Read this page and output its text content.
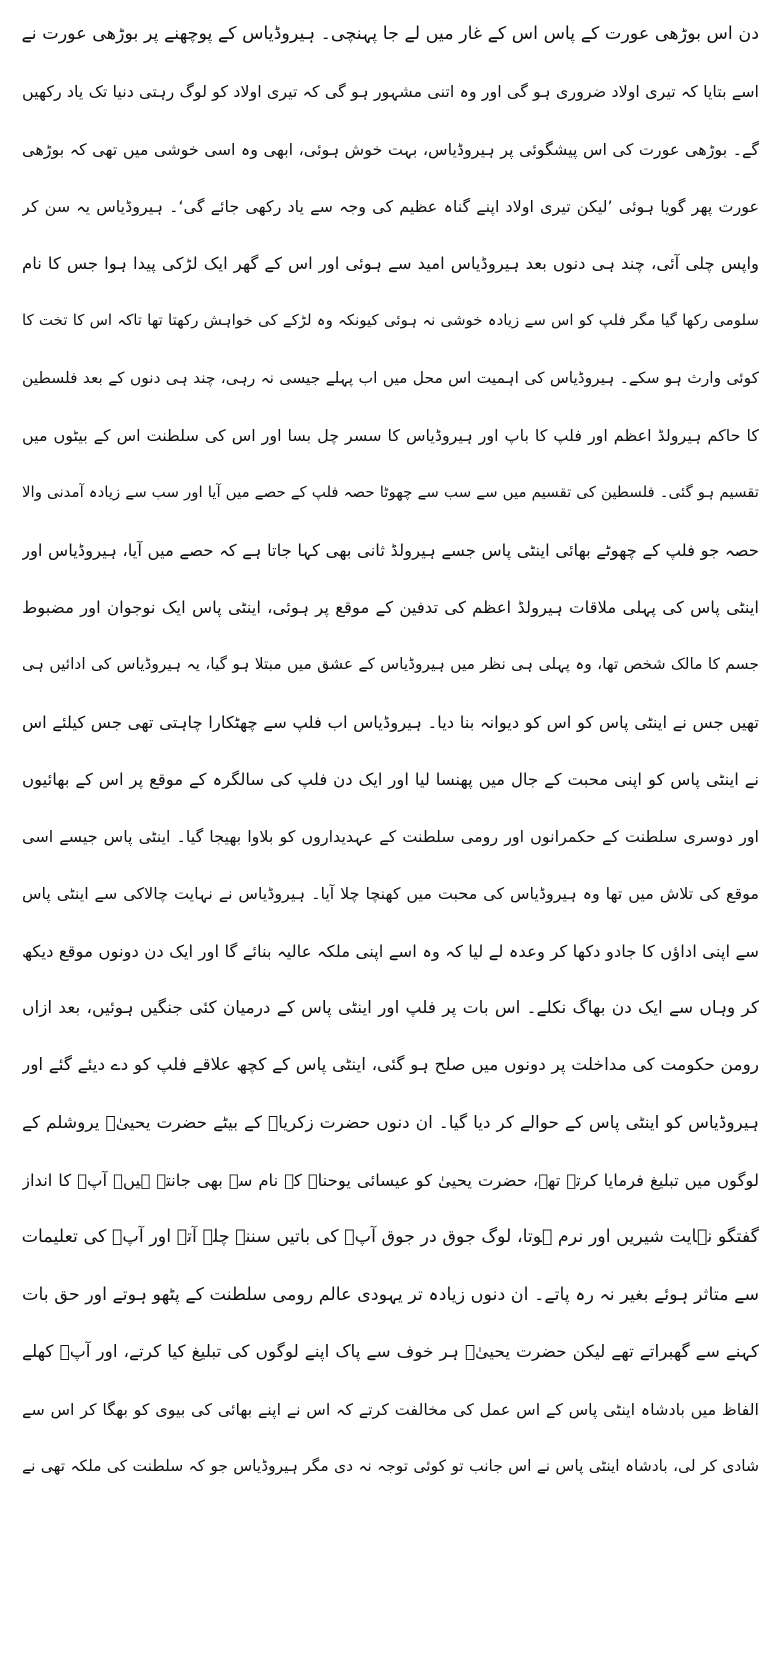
دن اس بوڑھی عورت کے پاس اس کے غار میں لے جا پہنچی۔ ہیروڈیاس کے پوچھنے پر بوڑھی عورت نے
اسے بتایا کہ تیری اولاد ضروری ہو گی اور وہ اتنی مشہور ہو گی کہ تیری اولاد کو لوگ رہتی دنیا تک یاد رکھیں
گے۔ بوڑھی عورت کی اس پیشگوئی پر ہیروڈیاس، بہت خوش ہوئی، ابھی وہ اسی خوشی میں تھی کہ بوڑھی
عورت پھر گویا ہوئی ’لیکن تیری اولاد اپنے گناہ عظیم کی وجہ سے یاد رکھی جائے گی‘۔ ہیروڈیاس یہ سن کر
واپس چلی آئی، چند ہی دنوں بعد ہیروڈیاس امید سے ہوئی اور اس کے گھر ایک لڑکی پیدا ہوا جس کا نام
سلومی رکھا گیا مگر فلپ کو اس سے زیادہ خوشی نہ ہوئی کیونکہ وہ لڑکے کی خواہش رکھتا تھا تاکہ اس کا تخت کا
کوئی وارث ہو سکے۔ ہیروڈیاس کی اہمیت اس محل میں اب پہلے جیسی نہ رہی، چند ہی دنوں کے بعد فلسطین
کا حاکم ہیرولڈ اعظم اور فلپ کا باپ اور ہیروڈیاس کا سسر چل بسا اور اس کی سلطنت اس کے بیٹوں میں
تقسیم ہو گئی۔ فلسطین کی تقسیم میں سے سب سے چھوٹا حصہ فلپ کے حصے میں آیا اور سب سے زیادہ آمدنی والا
حصہ جو فلپ کے چھوٹے بھائی اینٹی پاس جسے ہیرولڈ ثانی بھی کہا جاتا ہے کہ حصے میں آیا، ہیروڈیاس اور
اینٹی پاس کی پہلی ملاقات ہیرولڈ اعظم کی تدفین کے موقع پر ہوئی، اینٹی پاس ایک نوجوان اور مضبوط
جسم کا مالک شخص تھا، وہ پہلی ہی نظر میں ہیروڈیاس کے عشق میں مبتلا ہو گیا، یہ ہیروڈیاس کی ادائیں ہی
تھیں جس نے اینٹی پاس کو اس کو دیوانہ بنا دیا۔ ہیروڈیاس اب فلپ سے چھٹکارا چاہتی تھی جس کیلئے اس
نے اینٹی پاس کو اپنی محبت کے جال میں پھنسا لیا اور ایک دن فلپ کی سالگرہ کے موقع پر اس کے بھائیوں
اور دوسری سلطنت کے حکمرانوں اور رومی سلطنت کے عہدیداروں کو بلاوا بھیجا گیا۔ اینٹی پاس جیسے اسی
موقع کی تلاش میں تھا وہ ہیروڈیاس کی محبت میں کھنچا چلا آیا۔ ہیروڈیاس نے نہایت چالاکی سے اینٹی پاس
سے اپنی اداؤں کا جادو دکھا کر وعدہ لے لیا کہ وہ اسے اپنی ملکہ عالیہ بنائے گا اور ایک دن دونوں موقع دیکھ
کر وہاں سے ایک دن بھاگ نکلے۔ اس بات پر فلپ اور اینٹی پاس کے درمیان کئی جنگیں ہوئیں، بعد ازاں
رومن حکومت کی مداخلت پر دونوں میں صلح ہو گئی، اینٹی پاس کے کچھ علاقے فلپ کو دے دیئے گئے اور
ہیروڈیاس کو اینٹی پاس کے حوالے کر دیا گیا۔ ان دنوں حضرت زکریاؑ کے بیٹے حضرت یحییٰؑ یروشلم کے
لوگوں میں تبلیغ فرمایا کرتے تھے، حضرت یحییٰ کو عیسائی یوحناؑ کے نام سے بھی جانتے ہیں۔ آپؑ کا انداز
گفتگو نہایت شیریں اور نرم ہوتا، لوگ جوق در جوق آپؑ کی باتیں سننے چلے آتے اور آپؑ کی تعلیمات
سے متاثر ہوئے بغیر نہ رہ پاتے۔ ان دنوں زیادہ تر یہودی عالم رومی سلطنت کے پٹھو ہوتے اور حق بات
کہنے سے گھبراتے تھے لیکن حضرت یحییٰؑ ہر خوف سے پاک اپنے لوگوں کی تبلیغ کیا کرتے، اور آپؑ کھلے
الفاظ میں بادشاہ اینٹی پاس کے اس عمل کی مخالفت کرتے کہ اس نے اپنے بھائی کی بیوی کو بھگا کر اس سے
شادی کر لی، بادشاہ اینٹی پاس نے اس جانب تو کوئی توجہ نہ دی مگر ہیروڈیاس جو کہ سلطنت کی ملکہ تھی نے
